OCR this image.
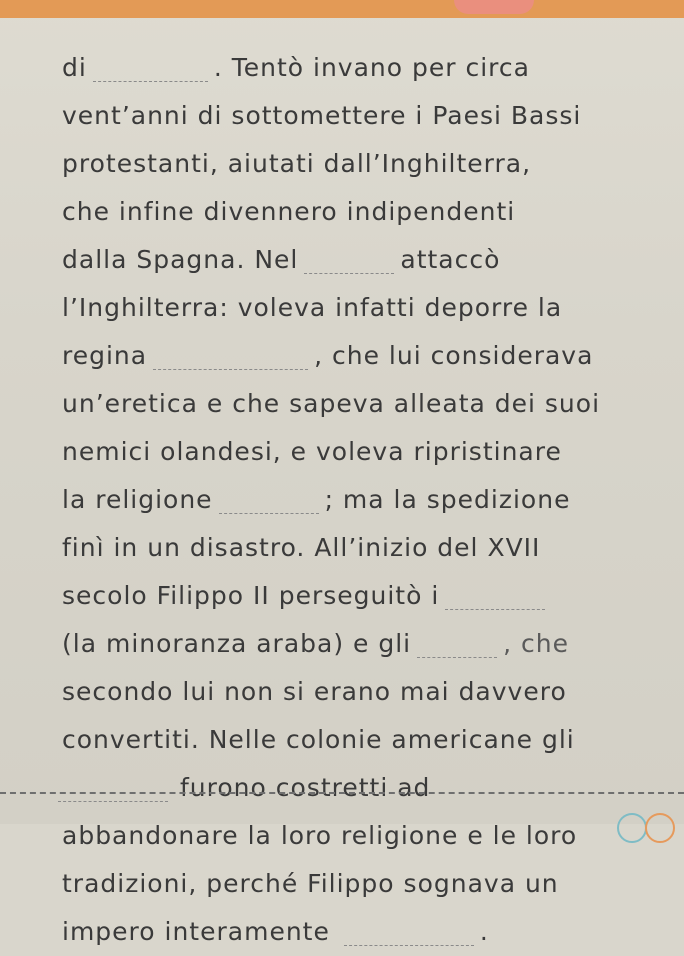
di	. Tentò invano per circa
vent’anni di sottomettere i Paesi Bassi
protestanti, aiutati dall’Inghilterra,
che infine divennero indipendenti
dalla Spagna. Nel	attaccò
l’Inghilterra: voleva infatti deporre la
regina	, che lui considerava
un’eretica e che sapeva alleata dei suoi
nemici olandesi, e voleva ripristinare
la religione	; ma la spedizione
finì in un disastro. All’inizio del XVII
secolo Filippo II perseguitò i
(la minoranza araba) e gli	, che
secondo lui non si erano mai davvero
convertiti. Nelle colonie americane gli
furono costretti ad
abbandonare la loro religione e le loro
tradizioni, perché Filippo sognava un
impero interamente	.
